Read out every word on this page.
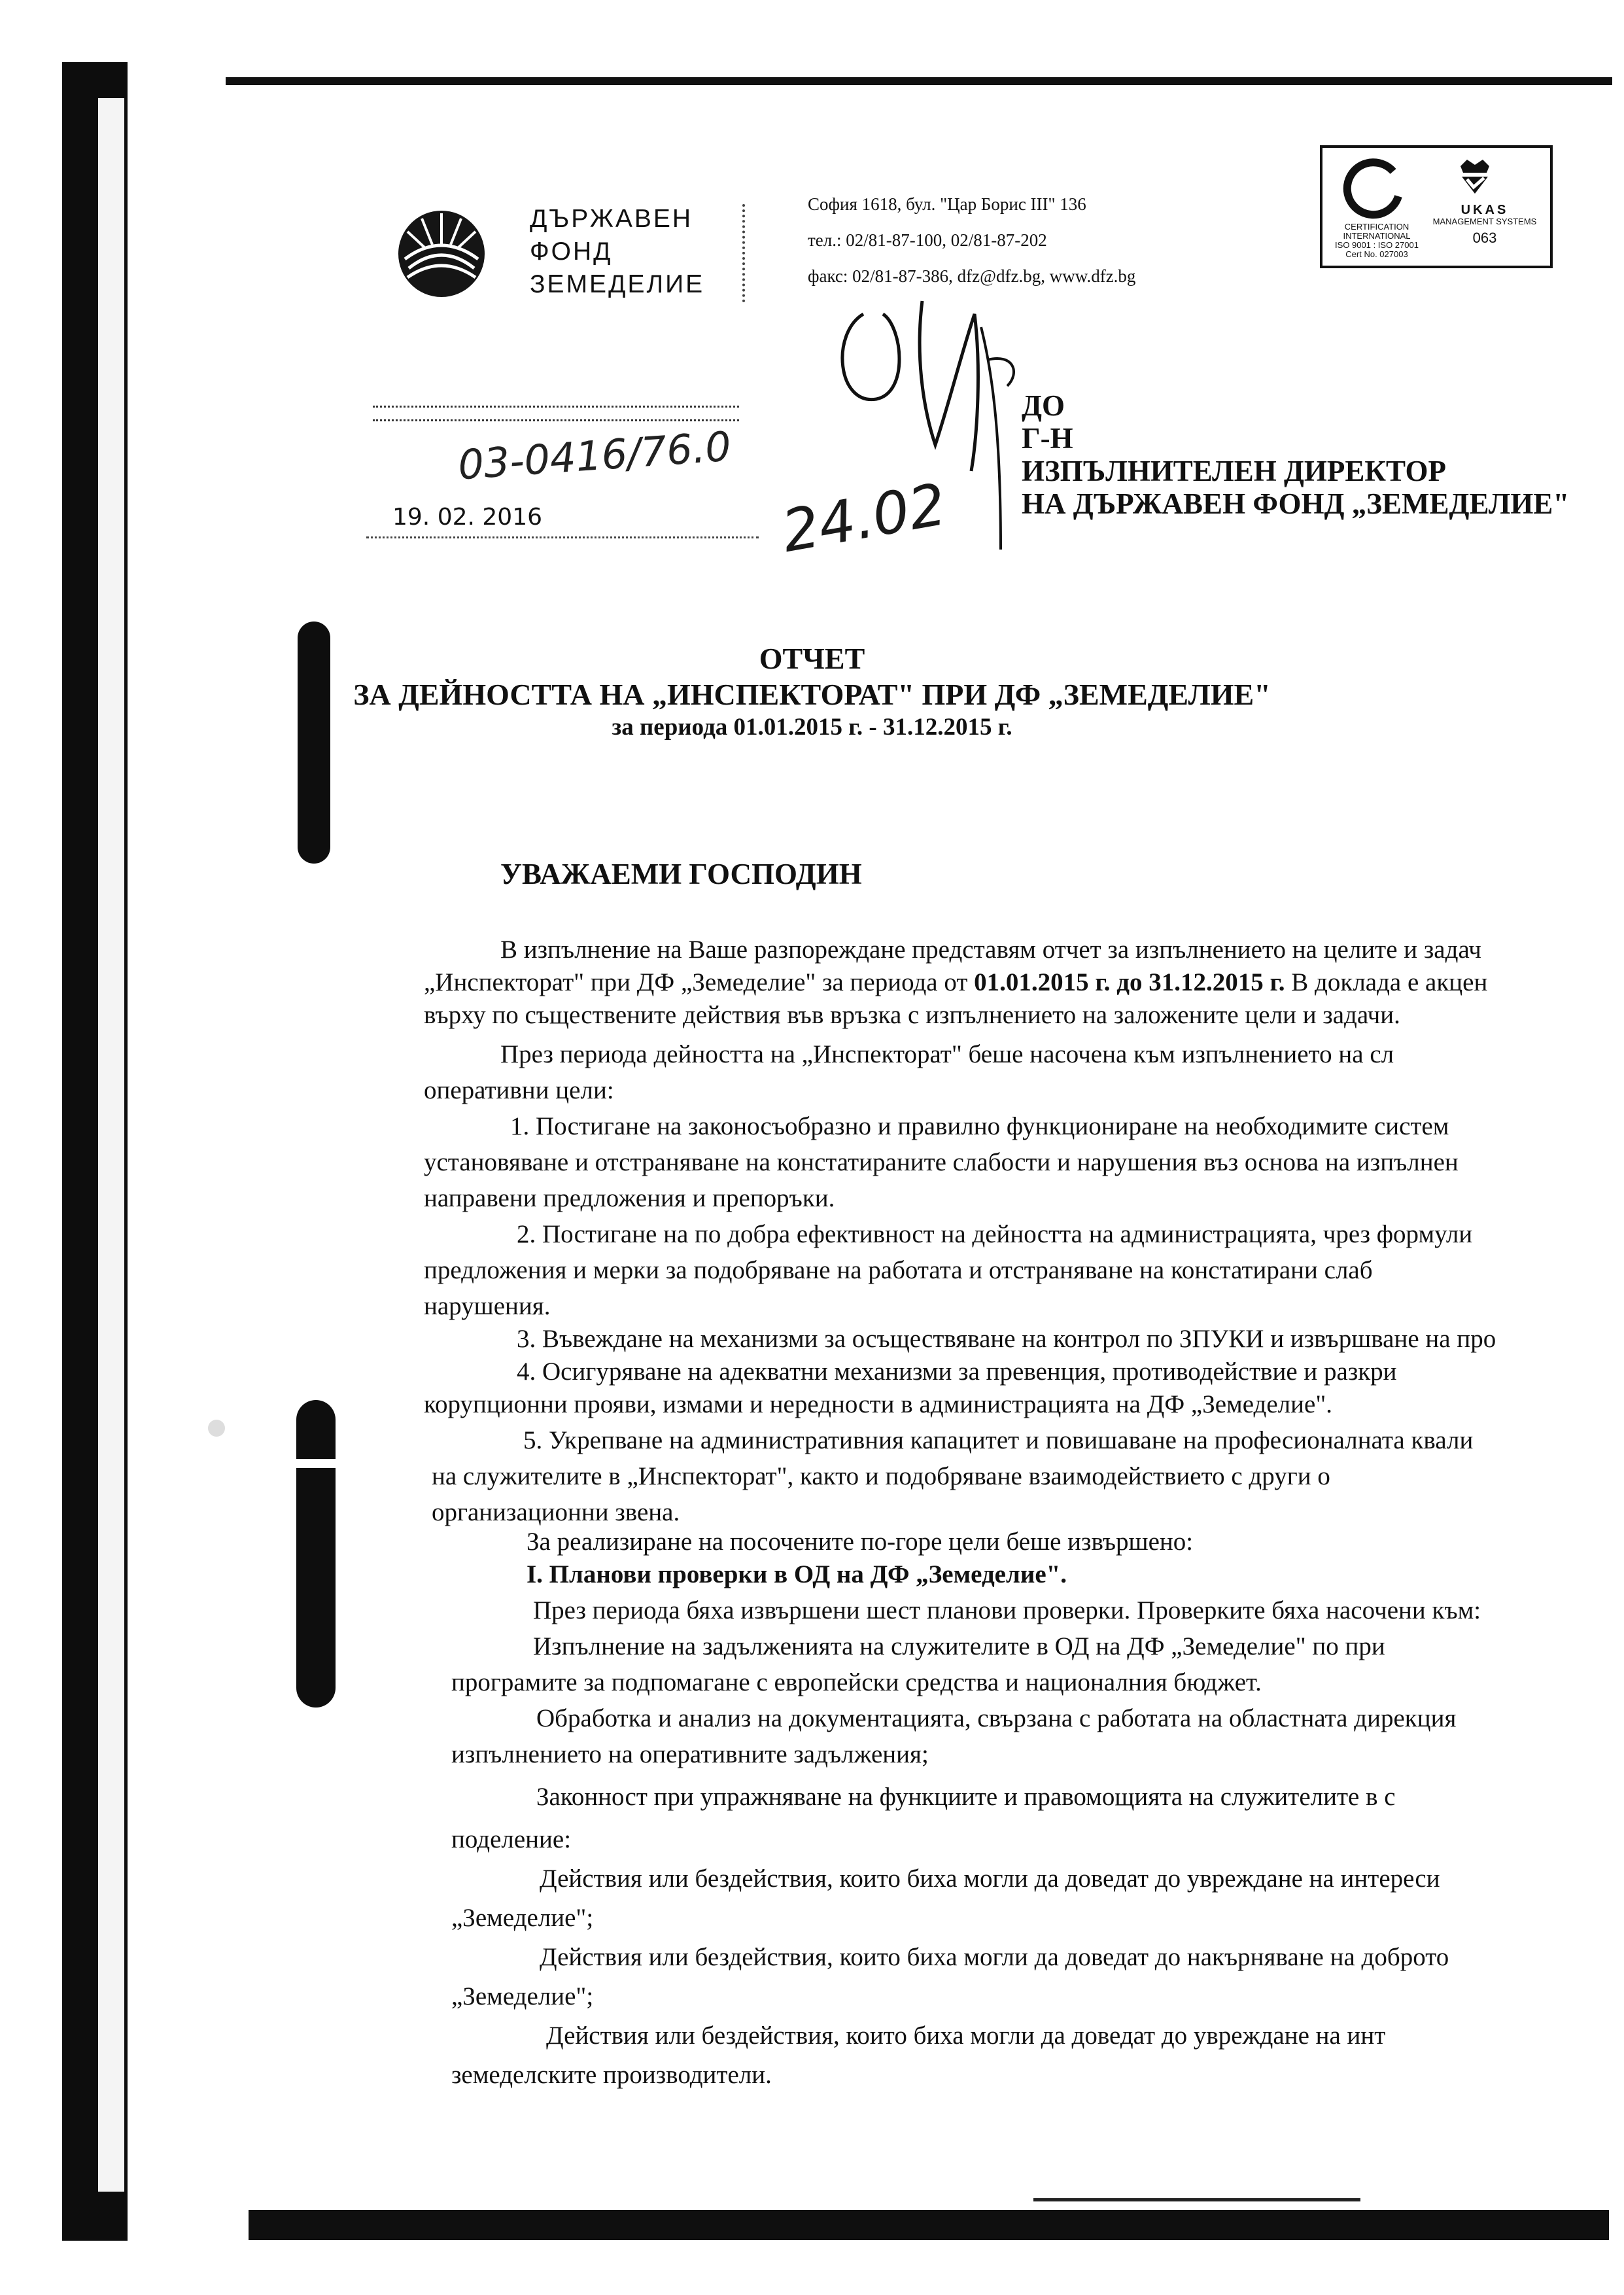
ДЪРЖАВЕН
ФОНД
ЗЕМЕДЕЛИЕ
София 1618, бул. "Цар Борис III" 136
тел.: 02/81-87-100, 02/81-87-202
факс: 02/81-87-386, dfz@dfz.bg, www.dfz.bg
CERTIFICATION
INTERNATIONAL
ISO 9001 : ISO 27001
Cert No. 027003
UKAS
MANAGEMENT SYSTEMS
063
03-0416/76.0
19. 02. 2016	24.02
ДО
Г-Н
ИЗПЪЛНИТЕЛЕН ДИРЕКТОР
НА ДЪРЖАВЕН ФОНД „ЗЕМЕДЕЛИЕ"
ОТЧЕТ
ЗА ДЕЙНОСТТА НА „ИНСПЕКТОРАТ" ПРИ ДФ „ЗЕМЕДЕЛИЕ"
за периода 01.01.2015 г. - 31.12.2015 г.
УВАЖАЕМИ ГОСПОДИН
В изпълнение на Ваше разпореждане представям отчет за изпълнението на целите и задач
„Инспекторат" при ДФ „Земеделие" за периода от 01.01.2015 г. до 31.12.2015 г. В доклада е акцен
върху по съществените действия във връзка с изпълнението на заложените цели и задачи.
През периода дейността на „Инспекторат" беше насочена към изпълнението на сл
оперативни цели:
1. Постигане на законосъобразно и правилно функциониране на необходимите систем
установяване и отстраняване на констатираните слабости и нарушения въз основа на изпълнен
направени предложения и препоръки.
2. Постигане на по добра ефективност на дейността на администрацията, чрез формули
предложения и мерки за подобряване на работата и отстраняване на констатирани слаб
нарушения.
3. Въвеждане на механизми за осъществяване на контрол по ЗПУКИ и извършване на про
4. Осигуряване на адекватни механизми за превенция, противодействие и разкри
корупционни прояви, измами и нередности в администрацията на ДФ „Земеделие".
5. Укрепване на административния капацитет и повишаване на професионалната квали
на служителите в „Инспекторат", както и подобряване взаимодействието с други о
организационни звена.
За реализиране на посочените по-горе цели беше извършено:
I. Планови проверки в ОД на ДФ „Земеделие".
През периода бяха извършени шест планови проверки. Проверките бяха насочени към:
Изпълнение на задълженията на служителите в ОД на ДФ „Земеделие" по при
програмите за подпомагане с европейски средства и националния бюджет.
Обработка и анализ на документацията, свързана с работата на областната дирекция
изпълнението на оперативните задължения;
Законност при упражняване на функциите и правомощията на служителите в с
поделение:
Действия или бездействия, които биха могли да доведат до увреждане на интереси
„Земеделие";
Действия или бездействия, които биха могли да доведат до накърняване на доброто
„Земеделие";
Действия или бездействия, които биха могли да доведат до увреждане на инт
земеделските производители.
